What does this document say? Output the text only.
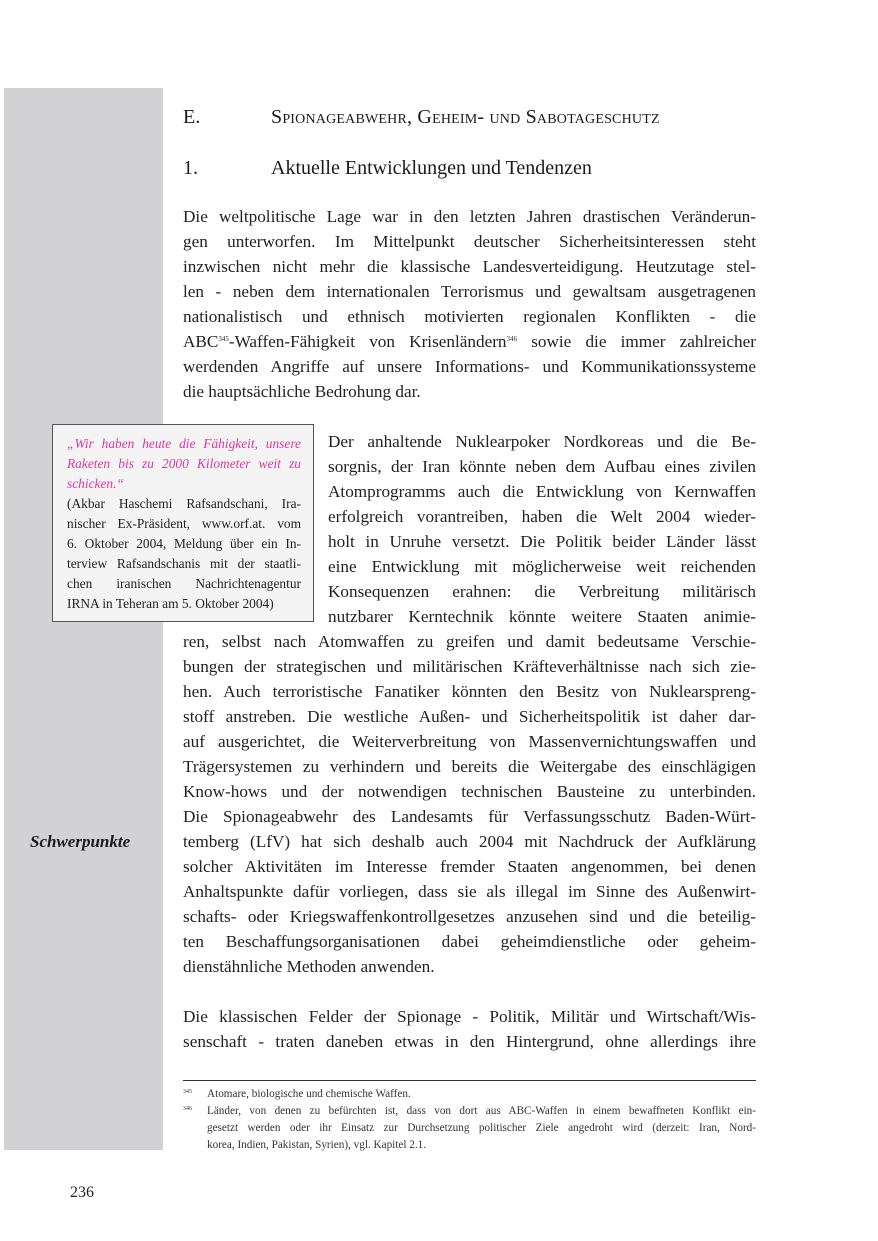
E.	Spionageabwehr, Geheim- und Sabotageschutz
1.	Aktuelle Entwicklungen und Tendenzen
Die weltpolitische Lage war in den letzten Jahren drastischen Veränderun-
gen unterworfen. Im Mittelpunkt deutscher Sicherheitsinteressen steht
inzwischen nicht mehr die klassische Landesverteidigung. Heutzutage stel-
len - neben dem internationalen Terrorismus und gewaltsam ausgetragenen
nationalistisch und ethnisch motivierten regionalen Konflikten - die
ABC$^{345}$-Waffen-Fähigkeit von Krisenländern$^{346}$ sowie die immer zahlreicher
werdenden Angriffe auf unsere Informations- und Kommunikationssysteme
die hauptsächliche Bedrohung dar.
„Wir haben heute die Fähigkeit, unsere
Raketen bis zu 2000 Kilometer weit zu
schicken.“
(Akbar Haschemi Rafsandschani, Ira-
nischer Ex-Präsident, www.orf.at. vom
6. Oktober 2004, Meldung über ein In-
terview Rafsandschanis mit der staatli-
chen iranischen Nachrichtenagentur
IRNA in Teheran am 5. Oktober 2004)
Der anhaltende Nuklearpoker Nordkoreas und die Be-
sorgnis, der Iran könnte neben dem Aufbau eines zivilen
Atomprogramms auch die Entwicklung von Kernwaffen
erfolgreich vorantreiben, haben die Welt 2004 wieder-
holt in Unruhe versetzt. Die Politik beider Länder lässt
eine Entwicklung mit möglicherweise weit reichenden
Konsequenzen erahnen: die Verbreitung militärisch
nutzbarer Kerntechnik könnte weitere Staaten animie-
ren, selbst nach Atomwaffen zu greifen und damit bedeutsame Verschie-
bungen der strategischen und militärischen Kräfteverhältnisse nach sich zie-
hen. Auch terroristische Fanatiker könnten den Besitz von Nuklearspreng-
stoff anstreben. Die westliche Außen- und Sicherheitspolitik ist daher dar-
auf ausgerichtet, die Weiterverbreitung von Massenvernichtungswaffen und
Trägersystemen zu verhindern und bereits die Weitergabe des einschlägigen
Know-hows und der notwendigen technischen Bausteine zu unterbinden.
Die Spionageabwehr des Landesamts für Verfassungsschutz Baden-Würt-
temberg (LfV) hat sich deshalb auch 2004 mit Nachdruck der Aufklärung
solcher Aktivitäten im Interesse fremder Staaten angenommen, bei denen
Anhaltspunkte dafür vorliegen, dass sie als illegal im Sinne des Außenwirt-
schafts- oder Kriegswaffenkontrollgesetzes anzusehen sind und die beteilig-
ten Beschaffungsorganisationen dabei geheimdienstliche oder geheim-
dienstähnliche Methoden anwenden.
Schwerpunkte
Die klassischen Felder der Spionage - Politik, Militär und Wirtschaft/Wis-
senschaft - traten daneben etwas in den Hintergrund, ohne allerdings ihre
345 Atomare, biologische und chemische Waffen.
346 Länder, von denen zu befürchten ist, dass von dort aus ABC-Waffen in einem bewaffneten Konflikt ein-
gesetzt werden oder ihr Einsatz zur Durchsetzung politischer Ziele angedroht wird (derzeit: Iran, Nord-
korea, Indien, Pakistan, Syrien), vgl. Kapitel 2.1.
236
